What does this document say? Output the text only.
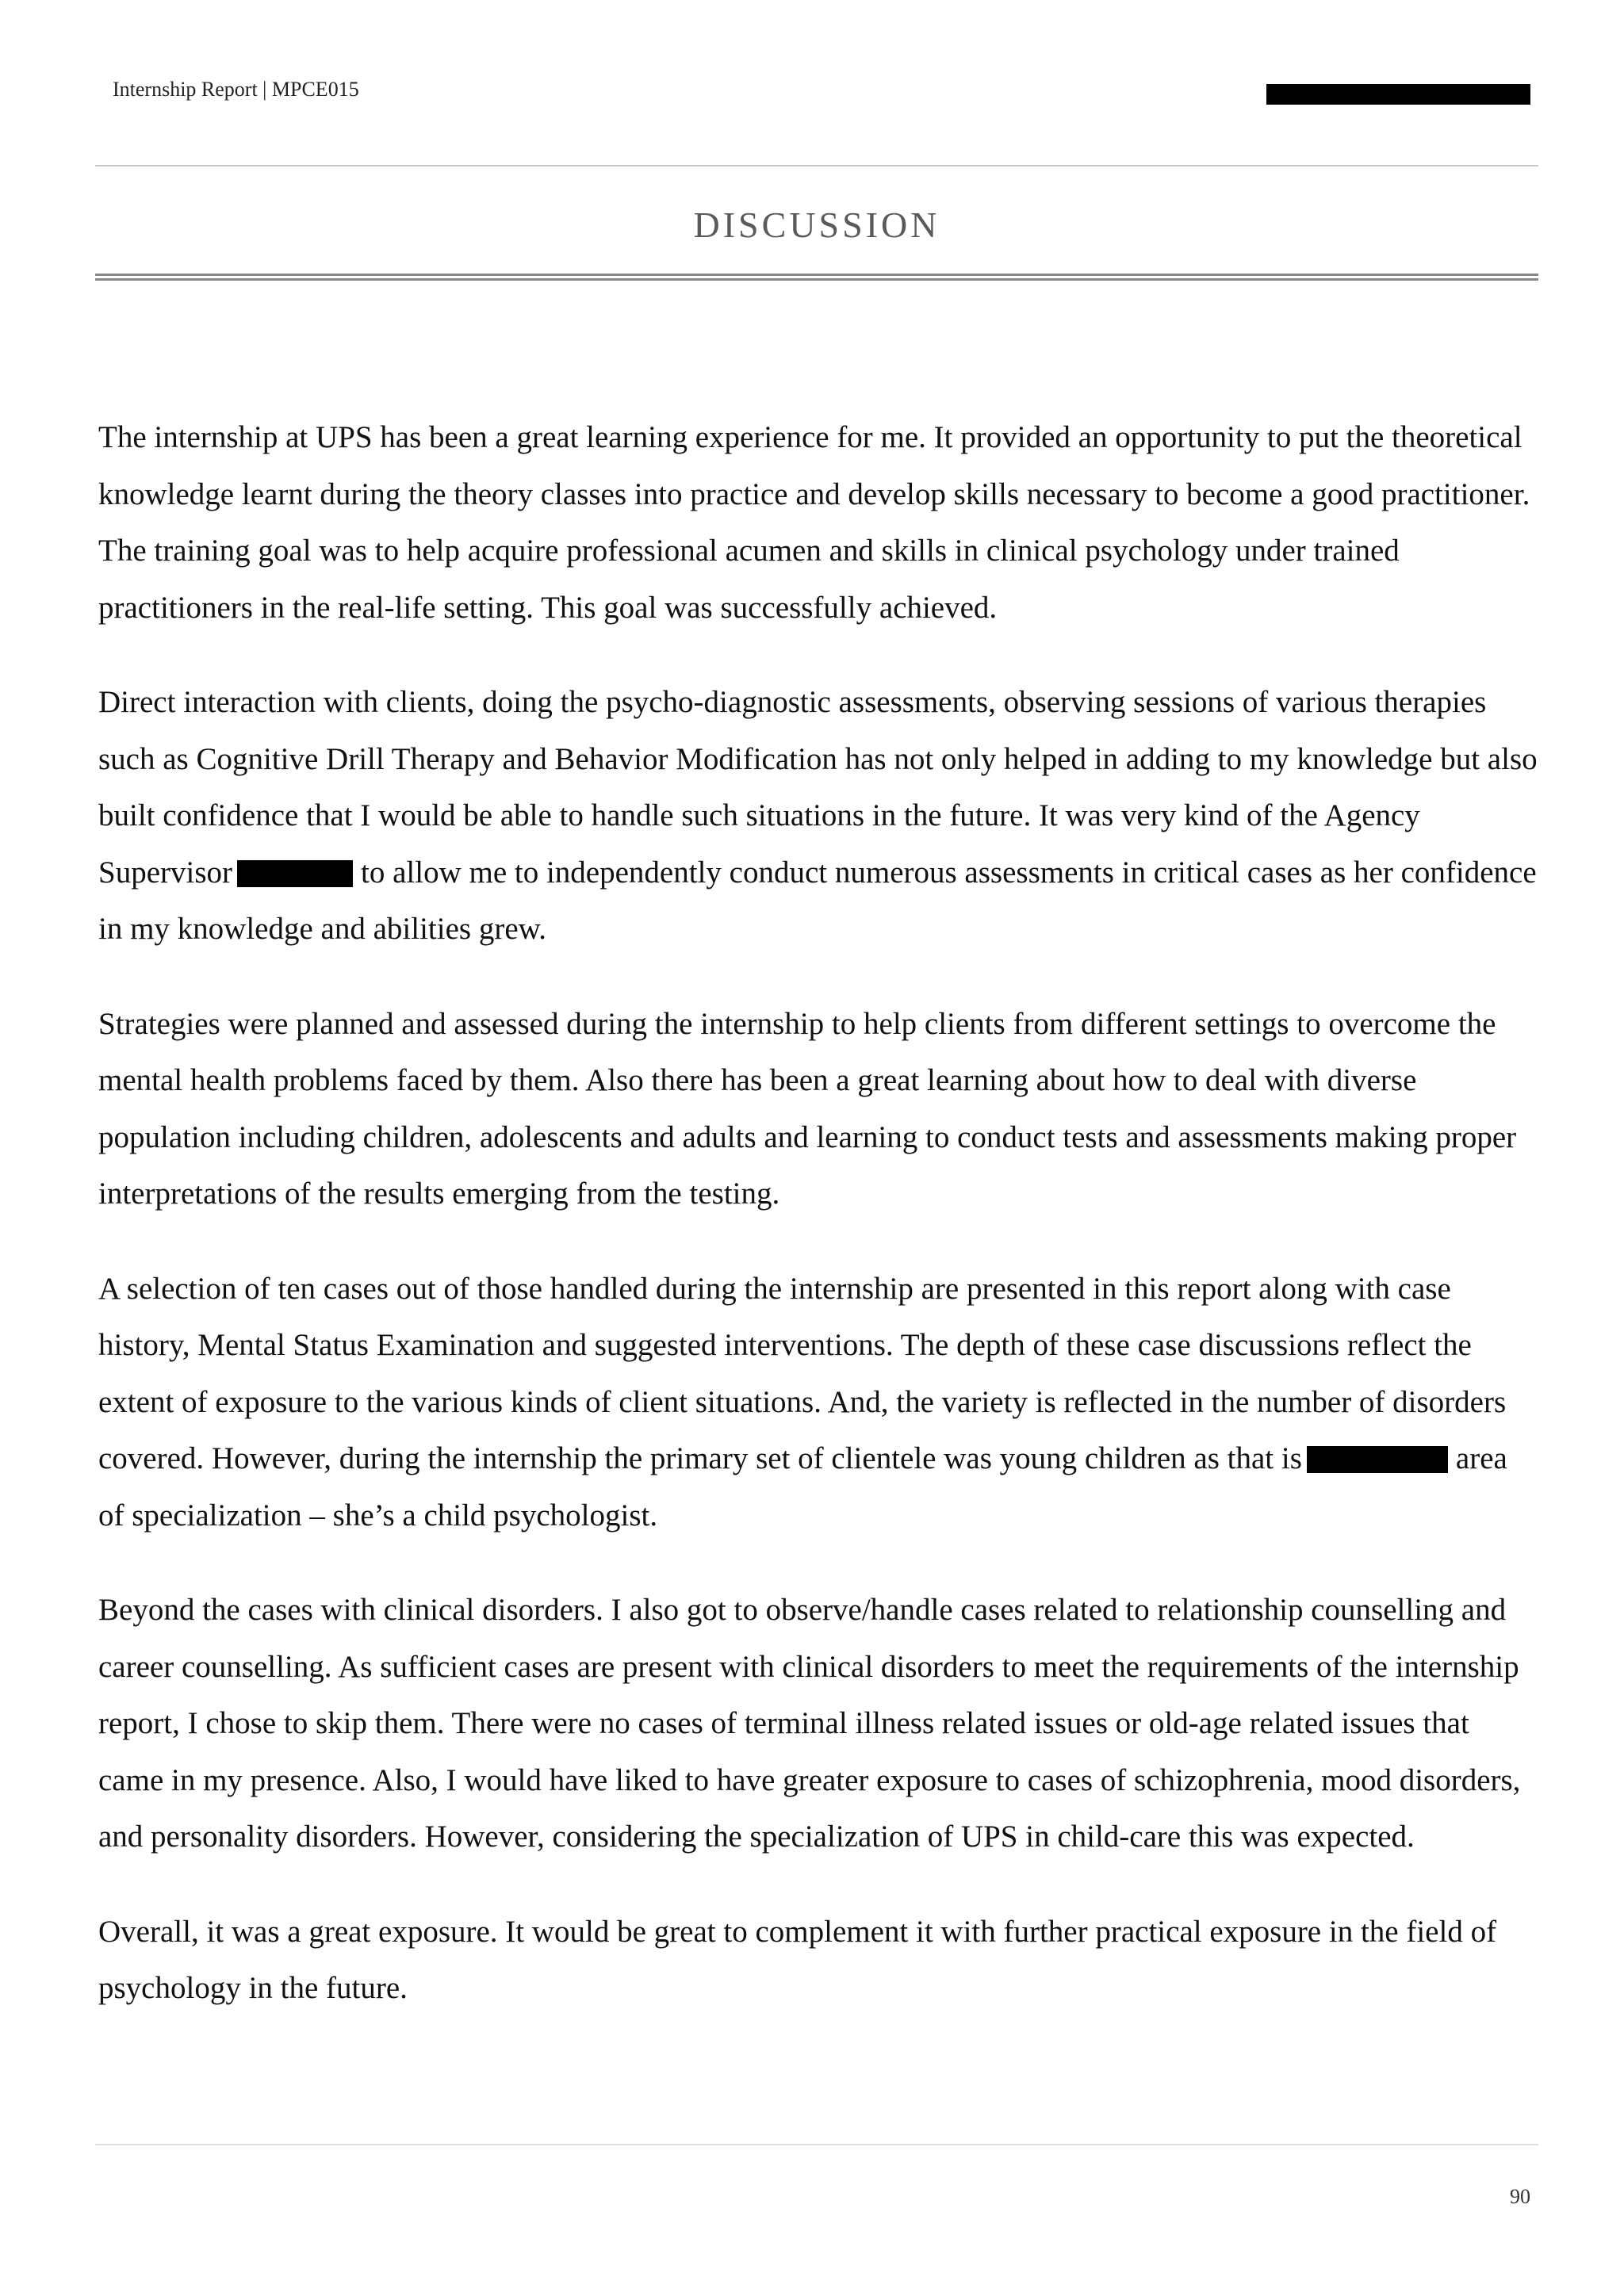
Internship Report | MPCE015
DISCUSSION

The internship at UPS has been a great learning experience for me. It provided an opportunity to put the theoretical knowledge learnt during the theory classes into practice and develop skills necessary to become a good practitioner. The training goal was to help acquire professional acumen and skills in clinical psychology under trained practitioners in the real-life setting. This goal was successfully achieved.

Direct interaction with clients, doing the psycho-diagnostic assessments, observing sessions of various therapies such as Cognitive Drill Therapy and Behavior Modification has not only helped in adding to my knowledge but also built confidence that I would be able to handle such situations in the future. It was very kind of the Agency Supervisor	to allow me to independently conduct numerous assessments in critical cases as her confidence in my knowledge and abilities grew.

Strategies were planned and assessed during the internship to help clients from different settings to overcome the mental health problems faced by them. Also there has been a great learning about how to deal with diverse population including children, adolescents and adults and learning to conduct tests and assessments making proper interpretations of the results emerging from the testing.

A selection of ten cases out of those handled during the internship are presented in this report along with case history, Mental Status Examination and suggested interventions. The depth of these case discussions reflect the extent of exposure to the various kinds of client situations. And, the variety is reflected in the number of disorders covered. However, during the internship the primary set of clientele was young children as that is	area of specialization – she’s a child psychologist.

Beyond the cases with clinical disorders. I also got to observe/handle cases related to relationship counselling and career counselling. As sufficient cases are present with clinical disorders to meet the requirements of the internship report, I chose to skip them. There were no cases of terminal illness related issues or old-age related issues that came in my presence. Also, I would have liked to have greater exposure to cases of schizophrenia, mood disorders, and personality disorders. However, considering the specialization of UPS in child-care this was expected.

Overall, it was a great exposure. It would be great to complement it with further practical exposure in the field of psychology in the future.

90
